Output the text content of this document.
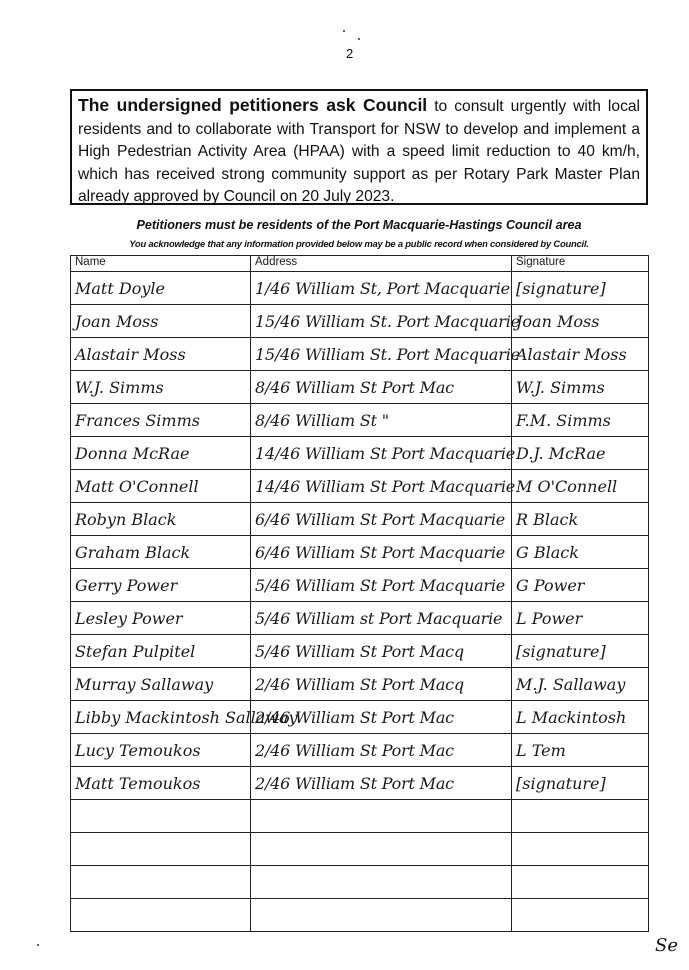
2
The undersigned petitioners ask Council to consult urgently with local residents and to collaborate with Transport for NSW to develop and implement a High Pedestrian Activity Area (HPAA) with a speed limit reduction to 40 km/h, which has received strong community support as per Rotary Park Master Plan already approved by Council on 20 July 2023.
Petitioners must be residents of the Port Macquarie-Hastings Council area
You acknowledge that any information provided below may be a public record when considered by Council.
Name	Address	Signature
Matt Doyle	1/46 William St, Port Macquarie	[signature]
Joan Moss	15/46 William St. Port Macquarie	Joan Moss
Alastair Moss	15/46 William St. Port Macquarie	Alastair Moss
W.J. Simms	8/46 William St Port Mac	W.J. Simms
Frances Simms	8/46 William St "	F.M. Simms
Donna McRae	14/46 William St Port Macquarie	D.J. McRae
Matt O'Connell	14/46 William St Port Macquarie	M O'Connell
Robyn Black	6/46 William St Port Macquarie	R Black
Graham Black	6/46 William St Port Macquarie	G Black
Gerry Power	5/46 William St Port Macquarie	G Power
Lesley Power	5/46 William st Port Macquarie	L Power
Stefan Pulpitel	5/46 William St Port Macq	[signature]
Murray Sallaway	2/46 William St Port Macq	M.J. Sallaway
Libby Mackintosh Sallaway	2/46 William St Port Mac	L Mackintosh
Lucy Temoukos	2/46 William St Port Mac	L Tem
Matt Temoukos	2/46 William St Port Mac	[signature]

Se
